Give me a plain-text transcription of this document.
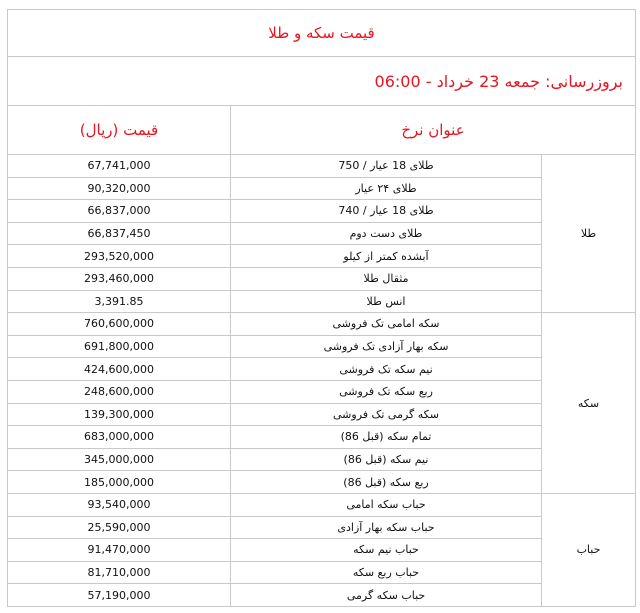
قیمت سکه و طلا		
بروزرسانی: جمعه 23 خرداد - 06:00		
عنوان نرخ		قیمت (ریال)
طلا	طلای 18 عیار / 750	67,741,000
	طلای ۲۴ عیار	90,320,000
	طلای 18 عیار / 740	66,837,000
	طلای دست دوم	66,837,450
	آبشده کمتر از کیلو	293,520,000
	مثقال طلا	293,460,000
	انس طلا	3,391.85
سکه	سکه امامی تک فروشی	760,600,000
	سکه بهار آزادی تک فروشی	691,800,000
	نیم سکه تک فروشی	424,600,000
	ربع سکه تک فروشی	248,600,000
	سکه گرمی تک فروشی	139,300,000
	تمام سکه (قبل 86)	683,000,000
	نیم سکه (قبل 86)	345,000,000
	ربع سکه (قبل 86)	185,000,000
حباب	حباب سکه امامی	93,540,000
	حباب سکه بهار آزادی	25,590,000
	حباب نیم سکه	91,470,000
	حباب ربع سکه	81,710,000
	حباب سکه گرمی	57,190,000
